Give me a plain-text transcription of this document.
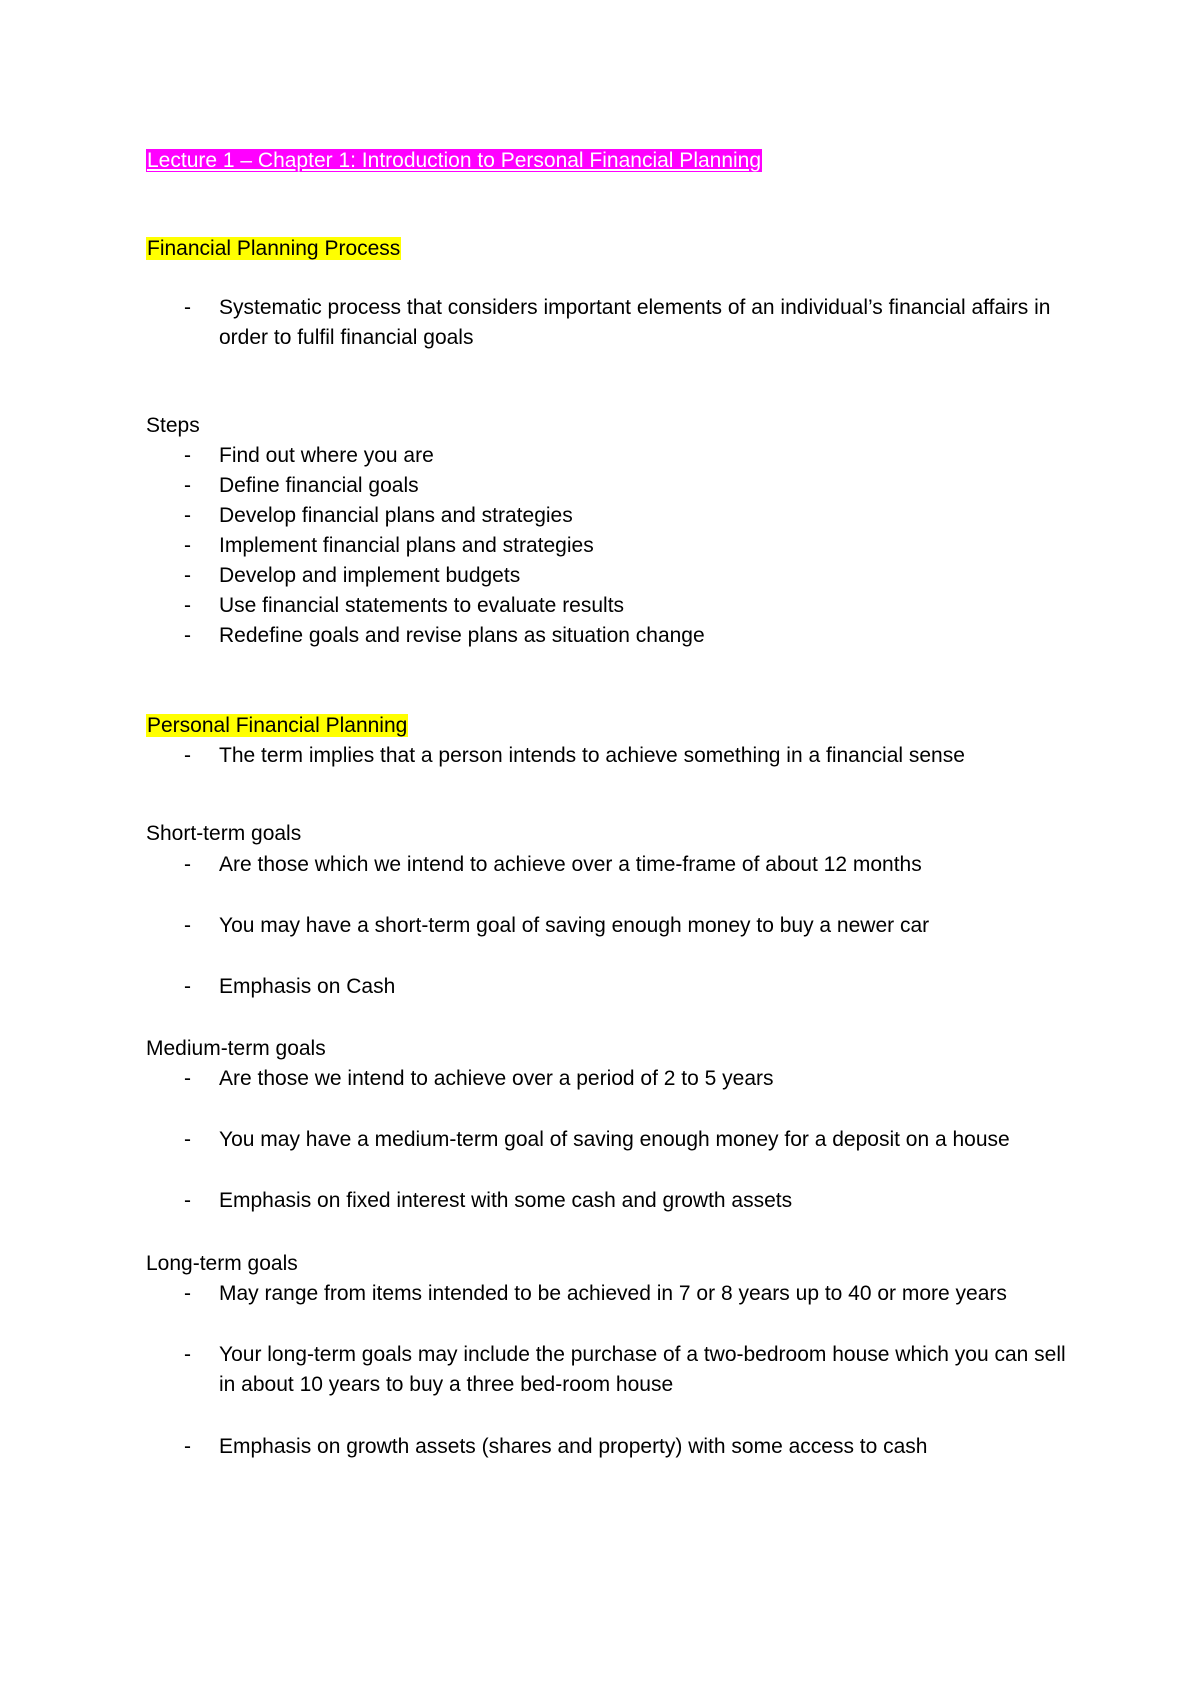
Lecture 1 – Chapter 1: Introduction to Personal Financial Planning
Financial Planning Process
- Systematic process that considers important elements of an individual’s financial affairs in order to fulfil financial goals
Steps
- Find out where you are
- Define financial goals
- Develop financial plans and strategies
- Implement financial plans and strategies
- Develop and implement budgets
- Use financial statements to evaluate results
- Redefine goals and revise plans as situation change
Personal Financial Planning
- The term implies that a person intends to achieve something in a financial sense
Short-term goals
- Are those which we intend to achieve over a time-frame of about 12 months
- You may have a short-term goal of saving enough money to buy a newer car
- Emphasis on Cash
Medium-term goals
- Are those we intend to achieve over a period of 2 to 5 years
- You may have a medium-term goal of saving enough money for a deposit on a house
- Emphasis on fixed interest with some cash and growth assets
Long-term goals
- May range from items intended to be achieved in 7 or 8 years up to 40 or more years
- Your long-term goals may include the purchase of a two-bedroom house which you can sell in about 10 years to buy a three bed-room house
- Emphasis on growth assets (shares and property) with some access to cash
